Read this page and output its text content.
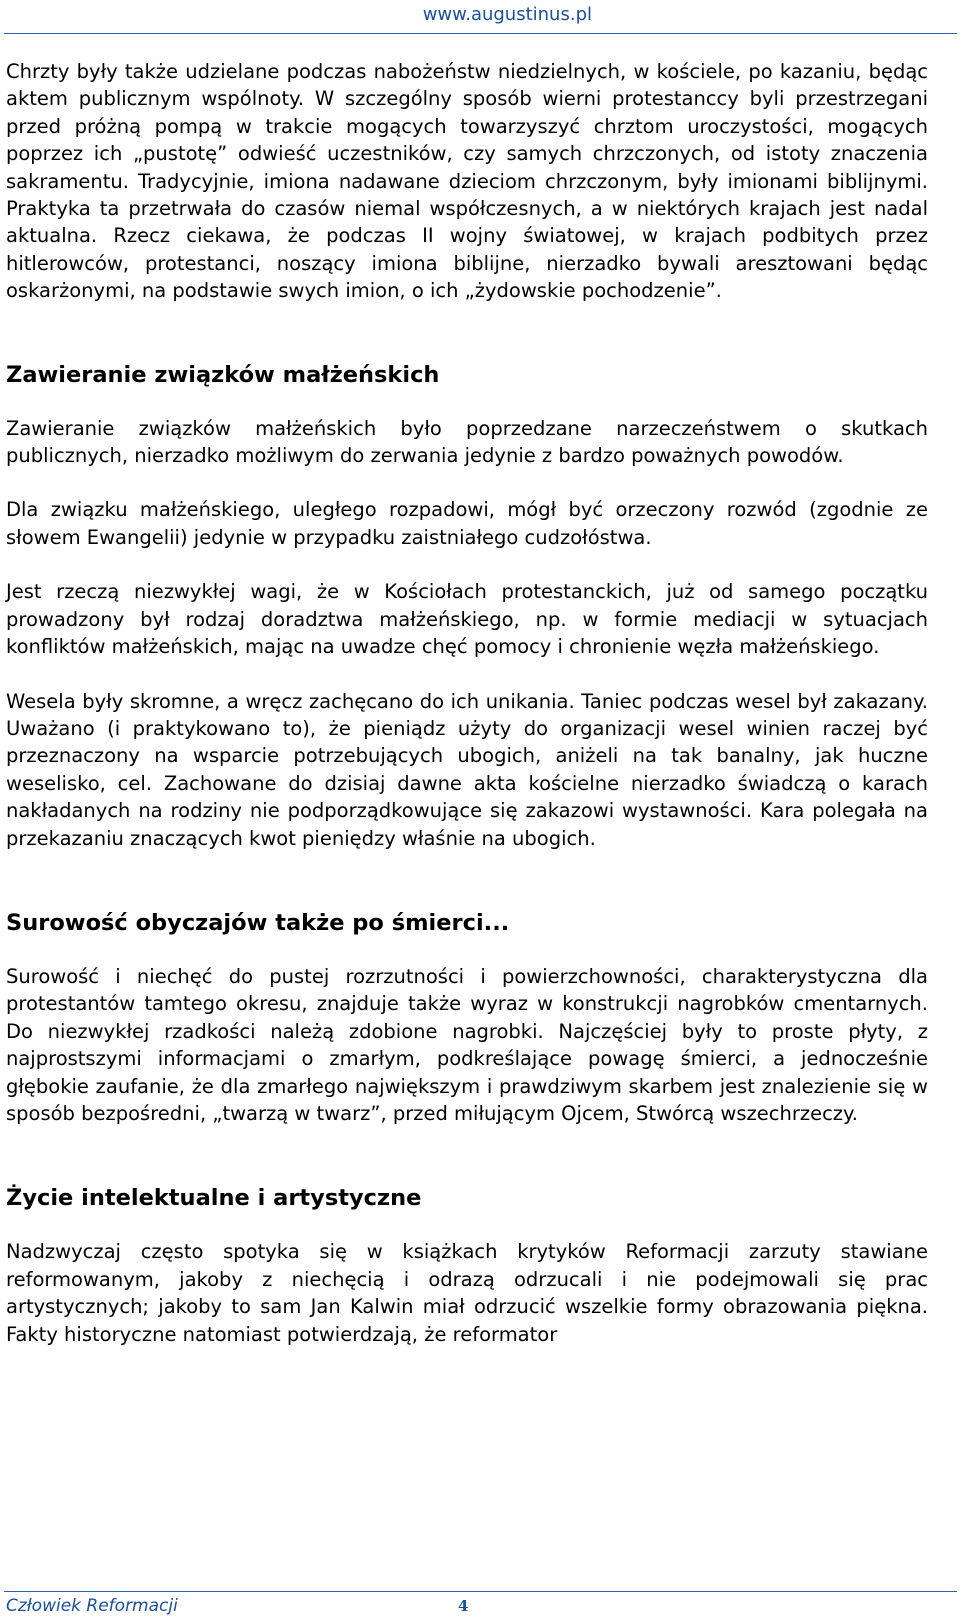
www.augustinus.pl

Chrzty były także udzielane podczas nabożeństw niedzielnych, w kościele, po kazaniu, będąc aktem publicznym wspólnoty. W szczególny sposób wierni protestanccy byli przestrzegani przed próżną pompą w trakcie mogących towarzyszyć chrztom uroczystości, mogących poprzez ich „pustotę” odwieść uczestników, czy samych chrzczonych, od istoty znaczenia sakramentu. Tradycyjnie, imiona nadawane dzieciom chrzczonym, były imionami biblijnymi. Praktyka ta przetrwała do czasów niemal współczesnych, a w niektórych krajach jest nadal aktualna. Rzecz ciekawa, że podczas II wojny światowej, w krajach podbitych przez hitlerowców, protestanci, noszący imiona biblijne, nierzadko bywali aresztowani będąc oskarżonymi, na podstawie swych imion, o ich „żydowskie pochodzenie”.

Zawieranie związków małżeńskich

Zawieranie związków małżeńskich było poprzedzane narzeczeństwem o skutkach publicznych, nierzadko możliwym do zerwania jedynie z bardzo poważnych powodów.

Dla związku małżeńskiego, uległego rozpadowi, mógł być orzeczony rozwód (zgodnie ze słowem Ewangelii) jedynie w przypadku zaistniałego cudzołóstwa.

Jest rzeczą niezwykłej wagi, że w Kościołach protestanckich, już od samego początku prowadzony był rodzaj doradztwa małżeńskiego, np. w formie mediacji w sytuacjach konfliktów małżeńskich, mając na uwadze chęć pomocy i chronienie węzła małżeńskiego.

Wesela były skromne, a wręcz zachęcano do ich unikania. Taniec podczas wesel był zakazany. Uważano (i praktykowano to), że pieniądz użyty do organizacji wesel winien raczej być przeznaczony na wsparcie potrzebujących ubogich, aniżeli na tak banalny, jak huczne weselisko, cel. Zachowane do dzisiaj dawne akta kościelne nierzadko świadczą o karach nakładanych na rodziny nie podporządkowujące się zakazowi wystawności. Kara polegała na przekazaniu znaczących kwot pieniędzy właśnie na ubogich.

Surowość obyczajów także po śmierci...

Surowość i niechęć do pustej rozrzutności i powierzchowności, charakterystyczna dla protestantów tamtego okresu, znajduje także wyraz w konstrukcji nagrobków cmentarnych. Do niezwykłej rzadkości należą zdobione nagrobki. Najczęściej były to proste płyty, z najprostszymi informacjami o zmarłym, podkreślające powagę śmierci, a jednocześnie głębokie zaufanie, że dla zmarłego największym i prawdziwym skarbem jest znalezienie się w sposób bezpośredni, „twarzą w twarz”, przed miłującym Ojcem, Stwórcą wszechrzeczy.

Życie intelektualne i artystyczne

Nadzwyczaj często spotyka się w książkach krytyków Reformacji zarzuty stawiane reformowanym, jakoby z niechęcią i odrazą odrzucali i nie podejmowali się prac artystycznych; jakoby to sam Jan Kalwin miał odrzucić wszelkie formy obrazowania piękna. Fakty historyczne natomiast potwierdzają, że reformator

Człowiek Reformacji	4
